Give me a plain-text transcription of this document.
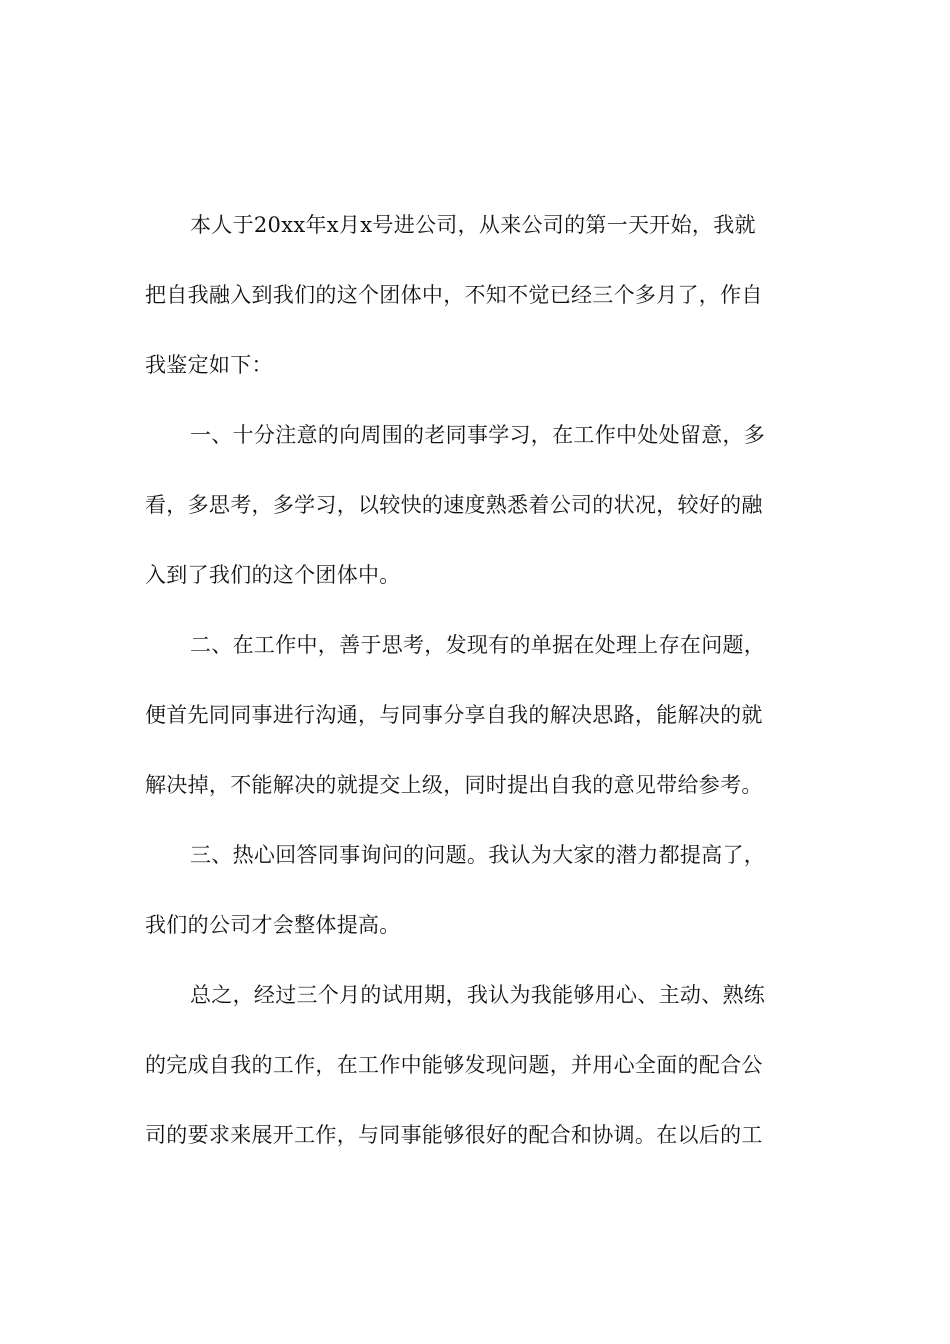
本人于20xx年x月x号进公司，从来公司的第一天开始，我就
把自我融入到我们的这个团体中，不知不觉已经三个多月了，作自
我鉴定如下：
一、十分注意的向周围的老同事学习，在工作中处处留意，多
看，多思考，多学习，以较快的速度熟悉着公司的状况，较好的融
入到了我们的这个团体中。
二、在工作中，善于思考，发现有的单据在处理上存在问题，
便首先同同事进行沟通，与同事分享自我的解决思路，能解决的就
解决掉，不能解决的就提交上级，同时提出自我的意见带给参考。
三、热心回答同事询问的问题。我认为大家的潜力都提高了，
我们的公司才会整体提高。
总之，经过三个月的试用期，我认为我能够用心、主动、熟练
的完成自我的工作，在工作中能够发现问题，并用心全面的配合公
司的要求来展开工作，与同事能够很好的配合和协调。在以后的工
